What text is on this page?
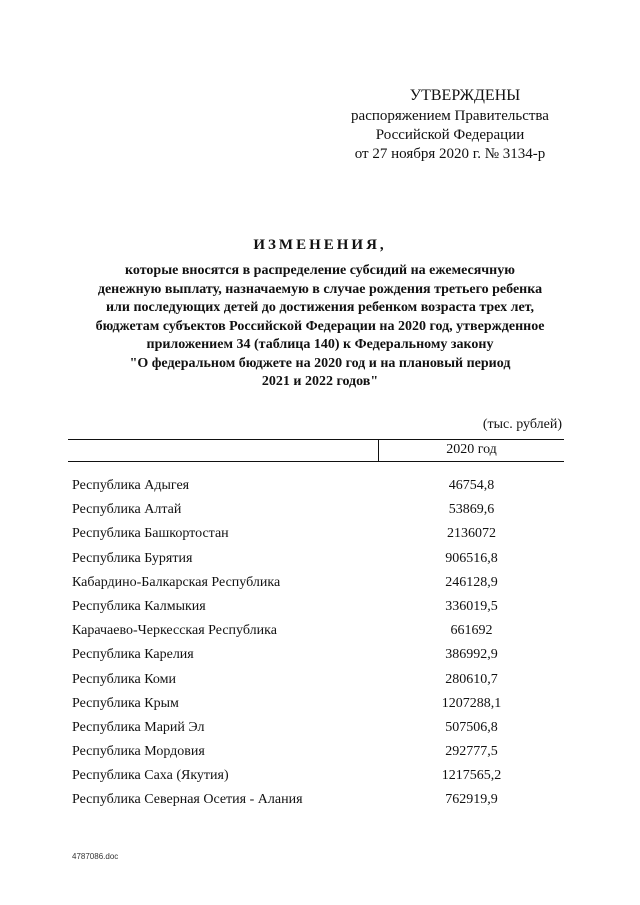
УТВЕРЖДЕНЫ
распоряжением Правительства
Российской Федерации
от 27 ноября 2020 г. № 3134-р
ИЗМЕНЕНИЯ,
которые вносятся в распределение субсидий на ежемесячную
денежную выплату, назначаемую в случае рождения третьего ребенка
или последующих детей до достижения ребенком возраста трех лет,
бюджетам субъектов Российской Федерации на 2020 год, утвержденное
приложением 34 (таблица 140) к Федеральному закону
"О федеральном бюджете на 2020 год и на плановый период
2021 и 2022 годов"
(тыс. рублей)
2020 год
Республика Адыгея	46754,8
Республика Алтай	53869,6
Республика Башкортостан	2136072
Республика Бурятия	906516,8
Кабардино-Балкарская Республика	246128,9
Республика Калмыкия	336019,5
Карачаево-Черкесская Республика	661692
Республика Карелия	386992,9
Республика Коми	280610,7
Республика Крым	1207288,1
Республика Марий Эл	507506,8
Республика Мордовия	292777,5
Республика Саха (Якутия)	1217565,2
Республика Северная Осетия - Алания	762919,9
4787086.doc
